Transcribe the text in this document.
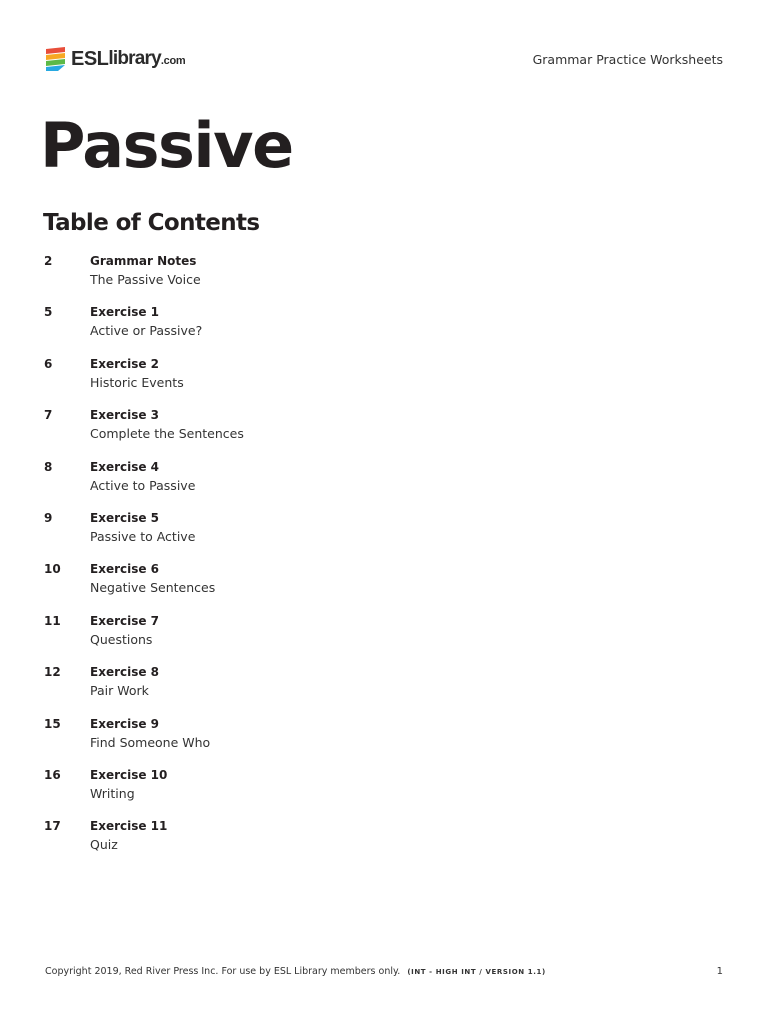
ESL library .com	Grammar Practice Worksheets
Passive
Table of Contents
2	Grammar Notes
The Passive Voice
5	Exercise 1
Active or Passive?
6	Exercise 2
Historic Events
7	Exercise 3
Complete the Sentences
8	Exercise 4
Active to Passive
9	Exercise 5
Passive to Active
10 Exercise 6
Negative Sentences
11 Exercise 7
Questions
12 Exercise 8
Pair Work
15 Exercise 9
Find Someone Who
16 Exercise 10
Writing
17 Exercise 11
Quiz
Copyright 2019, Red River Press Inc. For use by ESL Library members only. (INT - HIGH INT / VERSION 1.1)	1
